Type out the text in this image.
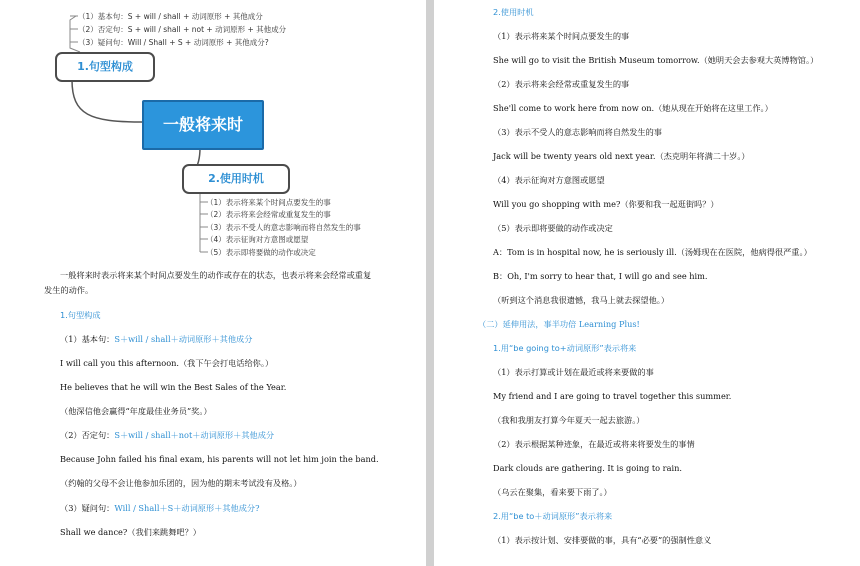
（1）基本句：S + will / shall + 动词原形 + 其他成分
（2）否定句：S + will / shall + not + 动词原形 + 其他成分
（3）疑问句：Will / Shall + S + 动词原形 + 其他成分?
1.句型构成
一般将来时
2.使用时机
（1）表示将来某个时间点要发生的事
（2）表示将来会经常或重复发生的事
（3）表示不受人的意志影响而将自然发生的事
（4）表示征询对方意图或愿望
（5）表示即将要做的动作或决定
一般将来时表示将来某个时间点要发生的动作或存在的状态，也表示将来会经常或重复发生的动作。
1.句型构成
（1）基本句：S＋will / shall＋动词原形＋其他成分
I will call you this afternoon.（我下午会打电话给你。）
He believes that he will win the Best Sales of the Year.
（他深信他会赢得“年度最佳业务员”奖。）
（2）否定句：S＋will / shall＋not＋动词原形＋其他成分
Because John failed his final exam, his parents will not let him join the band.
（约翰的父母不会让他参加乐团的，因为他的期末考试没有及格。）
（3）疑问句：Will / Shall＋S＋动词原形＋其他成分?
Shall we dance?（我们来跳舞吧？）
2.使用时机
（1）表示将来某个时间点要发生的事
She will go to visit the British Museum tomorrow.（她明天会去参观大英博物馆。）
（2）表示将来会经常或重复发生的事
She'll come to work here from now on.（她从现在开始将在这里工作。）
（3）表示不受人的意志影响而将自然发生的事
Jack will be twenty years old next year.（杰克明年将满二十岁。）
（4）表示征询对方意图或愿望
Will you go shopping with me?（你要和我一起逛街吗？）
（5）表示即将要做的动作或决定
A：Tom is in hospital now, he is seriously ill.（汤姆现在在医院，他病得很严重。）
B：Oh, I'm sorry to hear that, I will go and see him.
（听到这个消息我很遗憾，我马上就去探望他。）
（二）延伸用法，事半功倍 Learning Plus!
1.用“be going to+动词原形”表示将来
（1）表示打算或计划在最近或将来要做的事
My friend and I are going to travel together this summer.
（我和我朋友打算今年夏天一起去旅游。）
（2）表示根据某种迹象，在最近或将来将要发生的事情
Dark clouds are gathering. It is going to rain.
（乌云在聚集，看来要下雨了。）
2.用“be to＋动词原形”表示将来
（1）表示按计划、安排要做的事，具有“必要”的强制性意义
